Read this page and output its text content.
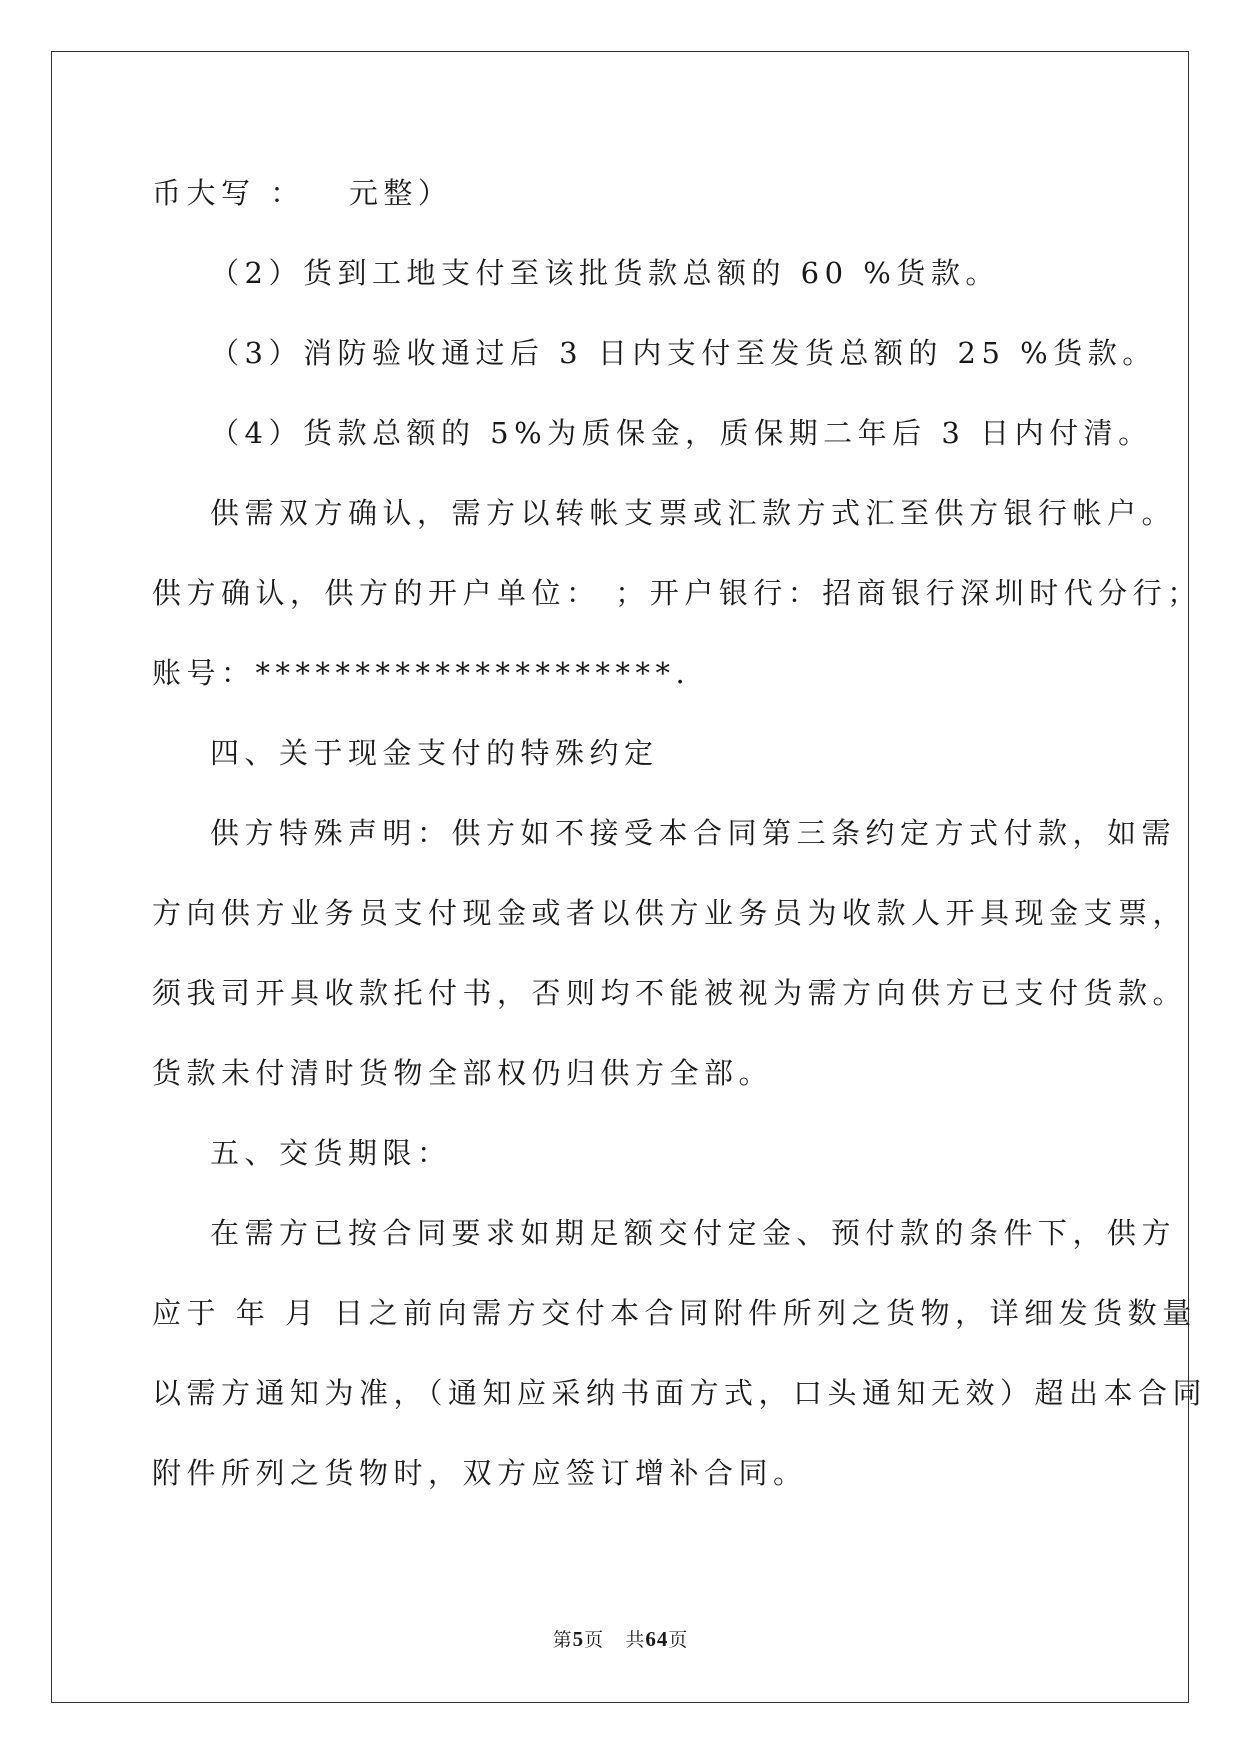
币大写 ：   元整）
（2）货到工地支付至该批货款总额的 60 %货款。
（3）消防验收通过后 3 日内支付至发货总额的 25 %货款。
（4）货款总额的 5%为质保金，质保期二年后 3 日内付清。
供需双方确认，需方以转帐支票或汇款方式汇至供方银行帐户。
供方确认，供方的开户单位： ；开户银行：招商银行深圳时代分行；
账号：*********************.
四、关于现金支付的特殊约定
供方特殊声明：供方如不接受本合同第三条约定方式付款，如需
方向供方业务员支付现金或者以供方业务员为收款人开具现金支票，
须我司开具收款托付书，否则均不能被视为需方向供方已支付货款。
货款未付清时货物全部权仍归供方全部。
五、交货期限：
在需方已按合同要求如期足额交付定金、预付款的条件下，供方
应于 年 月 日之前向需方交付本合同附件所列之货物，详细发货数量
以需方通知为准，（通知应采纳书面方式，口头通知无效）超出本合同
附件所列之货物时，双方应签订增补合同。
第5页 共64页
